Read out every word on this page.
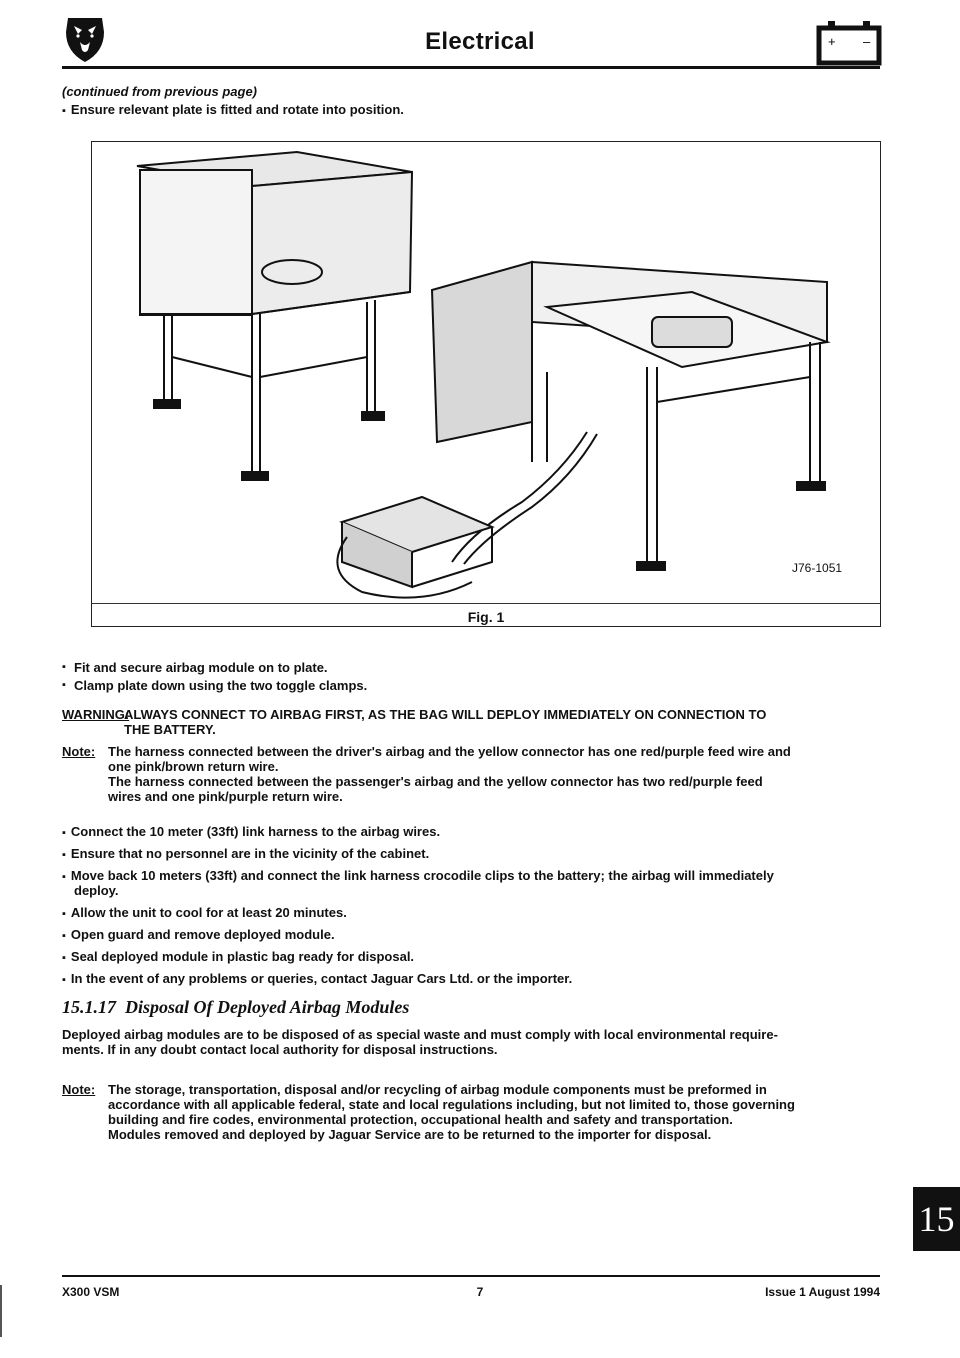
Electrical	+ –
(continued from previous page)
▪ Ensure relevant plate is fitted and rotate into position.
J76-1051
Fig. 1
▪ Fit and secure airbag module on to plate.
▪ Clamp plate down using the two toggle clamps.
WARNING:
ALWAYS CONNECT TO AIRBAG FIRST, AS THE BAG WILL DEPLOY IMMEDIATELY ON CONNECTION TO
THE BATTERY.
Note: The harness connected between the driver's airbag and the yellow connector has one red/purple feed wire and
one pink/brown return wire.
The harness connected between the passenger's airbag and the yellow connector has two red/purple feed
wires and one pink/purple return wire.
▪ Connect the 10 meter (33ft) link harness to the airbag wires.
▪ Ensure that no personnel are in the vicinity of the cabinet.
▪ Move back 10 meters (33ft) and connect the link harness crocodile clips to the battery; the airbag will immediately
deploy.
▪ Allow the unit to cool for at least 20 minutes.
▪ Open guard and remove deployed module.
▪ Seal deployed module in plastic bag ready for disposal.
▪ In the event of any problems or queries, contact Jaguar Cars Ltd. or the importer.
15.1.17 Disposal Of Deployed Airbag Modules
Deployed airbag modules are to be disposed of as special waste and must comply with local environmental require-
ments. If in any doubt contact local authority for disposal instructions.
Note: The storage, transportation, disposal and/or recycling of airbag module components must be preformed in
accordance with all applicable federal, state and local regulations including, but not limited to, those governing
building and fire codes, environmental protection, occupational health and safety and transportation.
Modules removed and deployed by Jaguar Service are to be returned to the importer for disposal.
15
X300 VSM	7	Issue 1 August 1994
